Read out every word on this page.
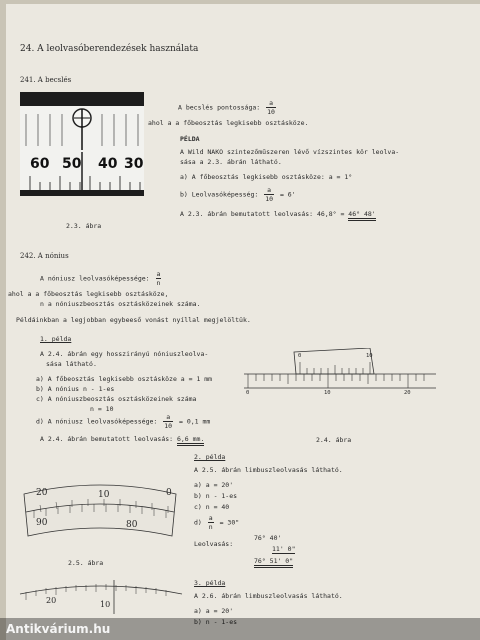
24. A leolvasóberendezések használata
241. A becslés
60 50 40 30
2.3. ábra
A becslés pontossága: $\frac{a}{10}$
ahol a a főbeosztás legkisebb osztásköze.
PÉLDA
A Wild NAKO szintezőműszeren lévő vízszintes kör leolva-
sása a 2.3. ábrán látható.
a) A főbeosztás legkisebb osztásköze: a = 1°
b) Leolvasóképesség: $\frac{a}{10} = 6'$
A 2.3. ábrán bemutatott leolvasás: 46,8° = 46° 48'
242. A nónius
A nóniusz leolvasóképessége: $\frac{a}{n}$
ahol a a főbeosztás legkisebb osztásköze,
n a nóniuszbeosztás osztásközeinek száma.
Példáinkban a legjobban egybeeső vonást nyíllal megjelöltük.
1. példa
A 2.4. ábrán egy hosszirányú nóniuszleolva-
sása látható.
a) A főbeosztás legkisebb osztásköze a = 1 mm
b) A nónius n - 1-es
c) A nóniuszbeosztás osztásközeinek száma
n = 10
d) A nóniusz leolvasóképessége: $\frac{a}{10} = 0,1$ mm
A 2.4. ábrán bemutatott leolvasás: 6,6 mm.
0	10
0	10	20
2.4. ábra
20	10	0
90	80
2.5. ábra
2. példa
A 2.5. ábrán limbuszleolvasás látható.
a) a = 20'
b) n - 1-es
c) n = 40
$d) \frac{a}{n} = 30$"
Leolvasás:
76° 40'
11' 0"
76° 51' 0"
20	10
3. példa
A 2.6. ábrán limbuszleolvasás látható.
a) a = 20'
b) n - 1-es
Antikvárium.hu
